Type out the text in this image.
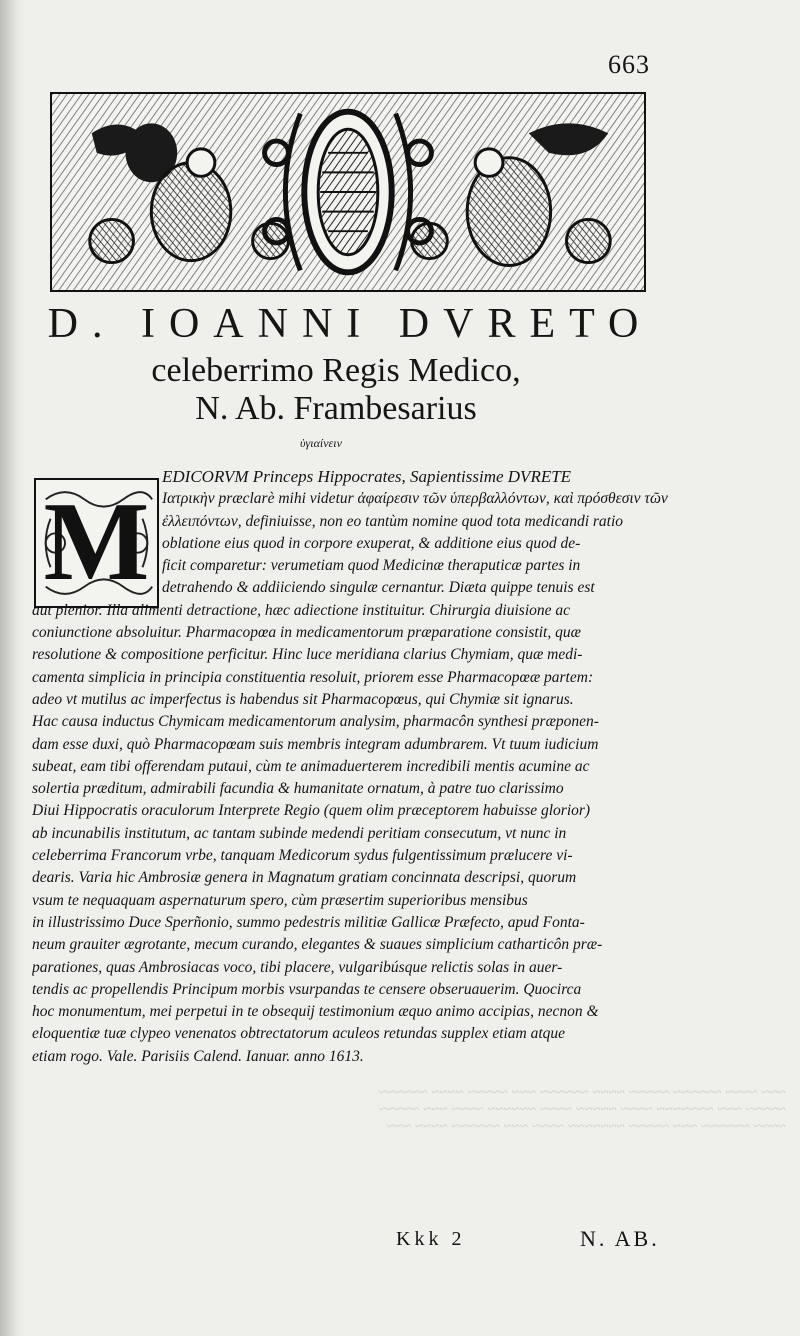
~~~ ~~~~ ~~~~~~ ~~~~~ ~~~~ ~~~~~~ ~~~ ~~~~~ ~~~~ ~~~~~~
~~~~~ ~~~ ~~~~~~~ ~~~~ ~~~~~ ~~~~ ~~~~~~ ~~~~ ~~~ ~~~~~
~~~~ ~~~~~~ ~~~ ~~~~~ ~~~~~~~ ~~~~ ~~~ ~~~~~~ ~~~~ ~~~
663
D. IOANNI DVRETO
celeberrimo Regis Medico,
N. Ab. Frambesarius
ὑγιαίνειν
M
EDICORVM Princeps Hippocrates, Sapientissime DVRETE
Ιατρικὴν præclarè mihi videtur ἀφαίρεσιν τῶν ὑπερβαλλόντων, καὶ πρόσθεσιν τῶν
ἐλλειπόντων, definiuisse, non eo tantùm nomine quod tota medicandi ratio
oblatione eius quod in corpore exuperat, & additione eius quod de-
ficit comparetur: verumetiam quod Medicinæ theraputicæ partes in
detrahendo & addiiciendo singulæ cernantur. Diæta quippe tenuis est
aut plenior. Illa alimenti detractione, hæc adiectione instituitur. Chirurgia diuisione ac
coniunctione absoluitur. Pharmacopœa in medicamentorum præparatione consistit, quæ
resolutione & compositione perficitur. Hinc luce meridiana clarius Chymiam, quæ medi-
camenta simplicia in principia constituentia resoluit, priorem esse Pharmacopœæ partem:
adeo vt mutilus ac imperfectus is habendus sit Pharmacopœus, qui Chymiæ sit ignarus.
Hac causa inductus Chymicam medicamentorum analysim, pharmacôn synthesi præponen-
dam esse duxi, quò Pharmacopœam suis membris integram adumbrarem. Vt tuum iudicium
subeat, eam tibi offerendam putaui, cùm te animaduerterem incredibili mentis acumine ac
solertia præditum, admirabili facundia & humanitate ornatum, à patre tuo clarissimo
Diui Hippocratis oraculorum Interprete Regio (quem olim præceptorem habuisse glorior)
ab incunabilis institutum, ac tantam subinde medendi peritiam consecutum, vt nunc in
celeberrima Francorum vrbe, tanquam Medicorum sydus fulgentissimum prælucere vi-
dearis. Varia hic Ambrosiæ genera in Magnatum gratiam concinnata descripsi, quorum
vsum te nequaquam aspernaturum spero, cùm præsertim superioribus mensibus
in illustrissimo Duce Sperñonio, summo pedestris militiæ Gallicæ Præfecto, apud Fonta-
neum grauiter ægrotante, mecum curando, elegantes & suaues simplicium catharticôn præ-
parationes, quas Ambrosiacas voco, tibi placere, vulgaribúsque relictis solas in auer-
tendis ac propellendis Principum morbis vsurpandas te censere obseruauerim. Quocirca
hoc monumentum, mei perpetui in te obsequij testimonium æquo animo accipias, necnon &
eloquentiæ tuæ clypeo venenatos obtrectatorum aculeos retundas supplex etiam atque
etiam rogo. Vale. Parisiis Calend. Ianuar. anno 1613.
Kkk 2	N. AB.
